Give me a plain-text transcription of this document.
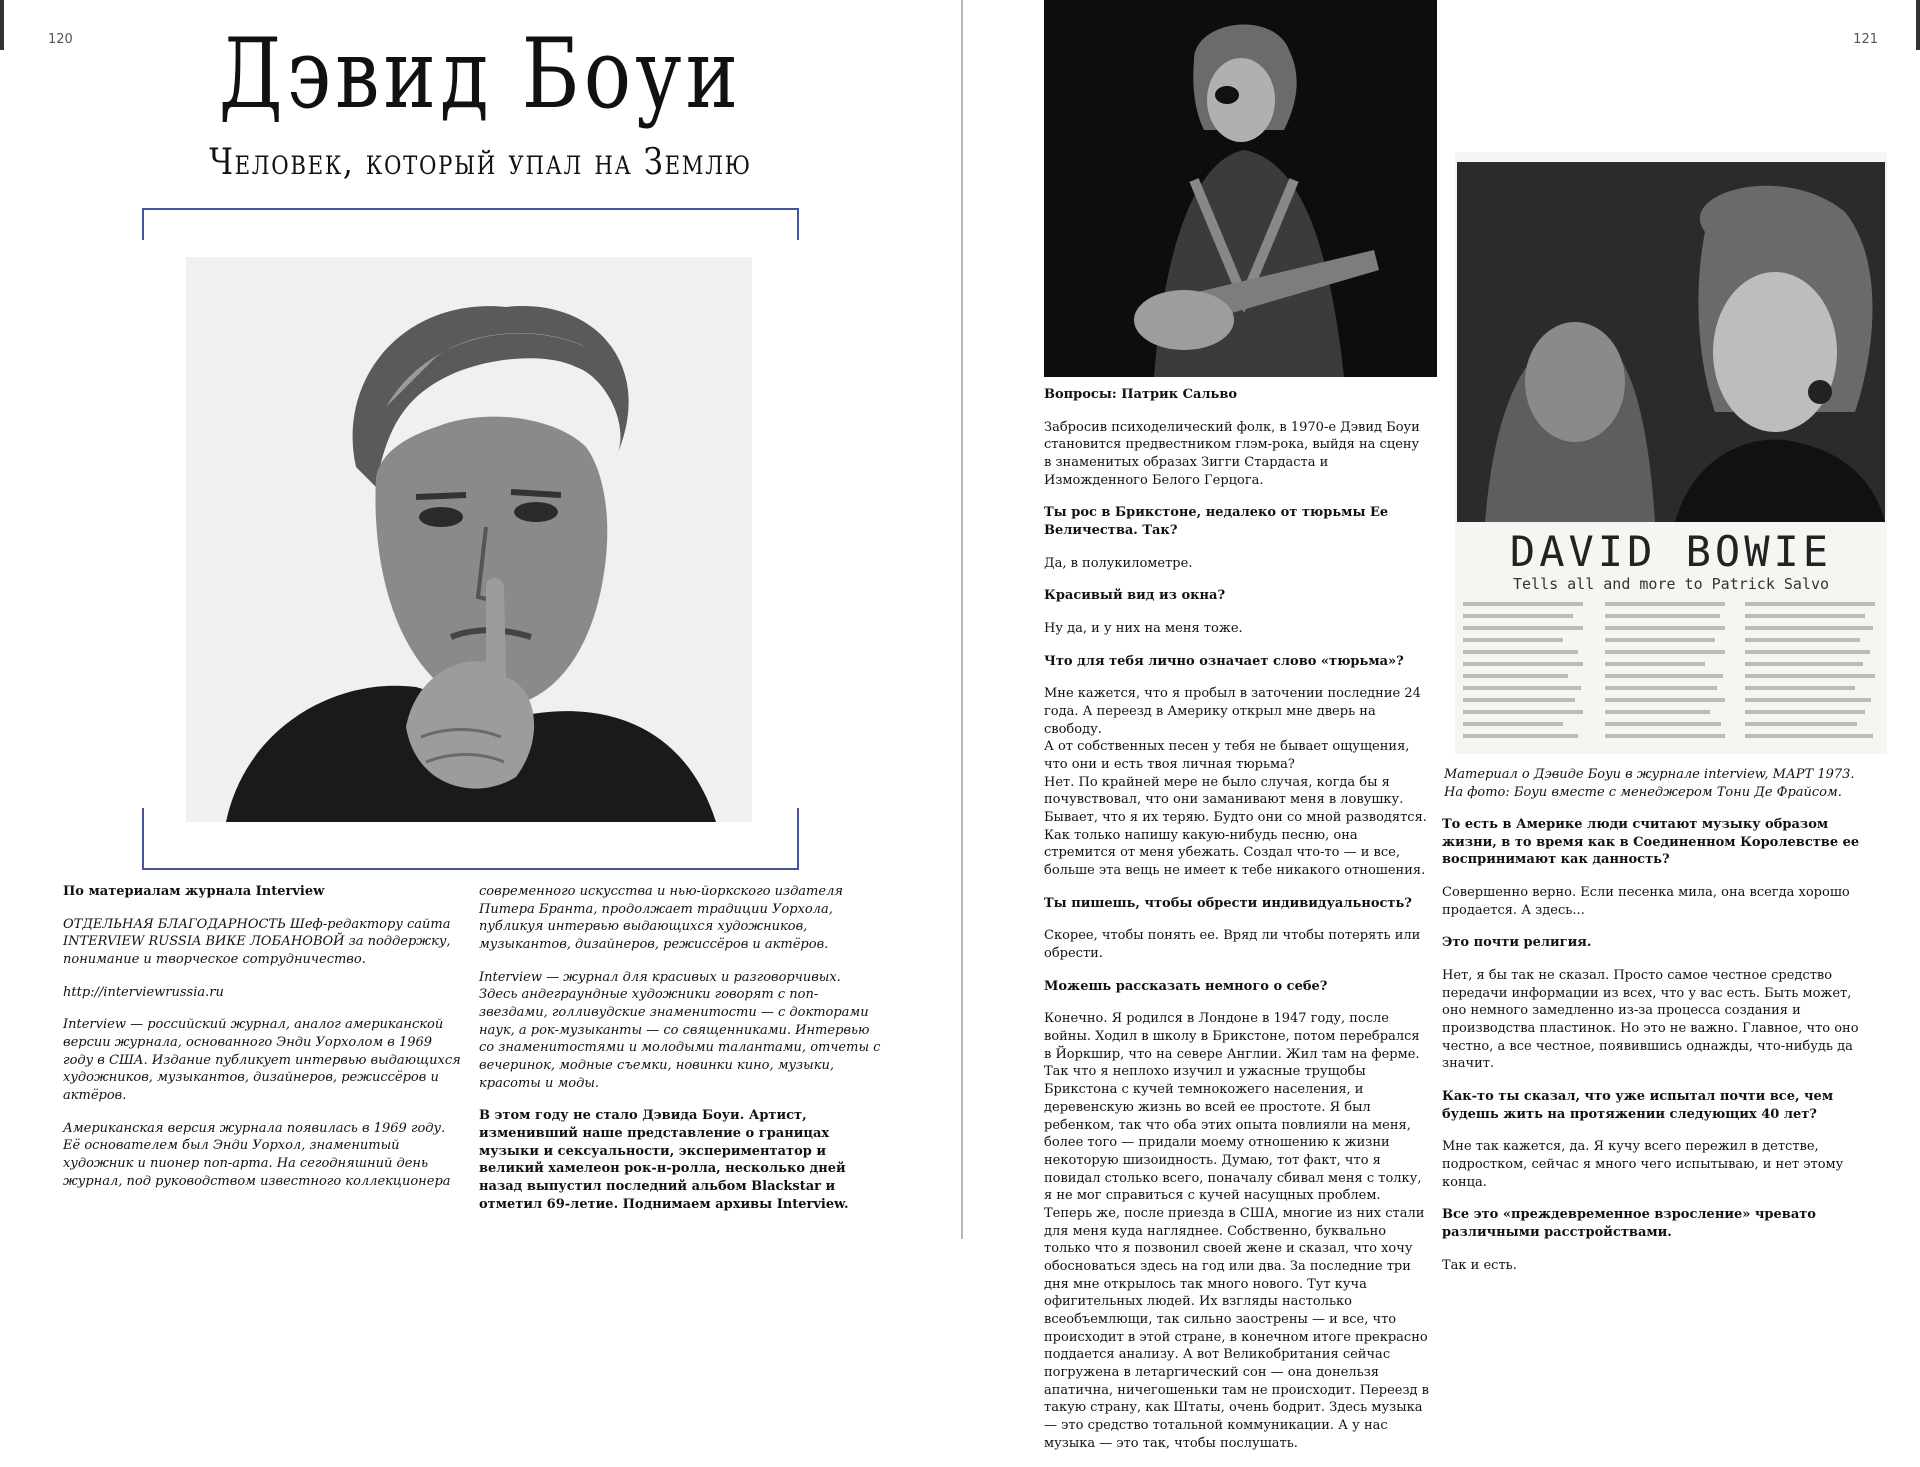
120	Дэвид Боуи
Человек, который упал на Землю

По материалам журнала Interview

ОТДЕЛЬНАЯ БЛАГОДАРНОСТЬ Шеф-редактору сайта INTERVIEW RUSSIA ВИКЕ ЛОБАНОВОЙ за поддержку, понимание и творческое сотрудничество.

http://interviewrussia.ru

Interview — российский журнал, аналог американской версии журнала, основанного Энди Уорхолом в 1969 году в США. Издание публикует интервью выдающихся художников, музыкантов, дизайнеров, режиссёров и актёров.

Американская версия журнала появилась в 1969 году. Её основателем был Энди Уорхол, знаменитый художник и пионер поп-арта. На сегодняшний день журнал, под руководством известного коллекционера

современного искусства и нью-йоркского издателя Питера Бранта, продолжает традиции Уорхола, публикуя интервью выдающихся художников, музыкантов, дизайнеров, режиссёров и актёров.

Interview — журнал для красивых и разговорчивых. Здесь андеграундные художники говорят с поп-звездами, голливудские знаменитости — с докторами наук, а рок-музыканты — со священниками. Интервью со знаменитостями и молодыми талантами, отчеты с вечеринок, модные съемки, новинки кино, музыки, красоты и моды.

В этом году не стало Дэвида Боуи. Артист, изменивший наше представление о границах музыки и сексуальности, экспериментатор и великий хамелеон рок-н-ролла, несколько дней назад выпустил последний альбом Blackstar и отметил 69-летие. Поднимаем архивы Interview.

121
DAVID BOWIE
Tells all and more to Patrick Salvo
Материал о Дэвиде Боуи в журнале interview, МАРТ 1973.
На фото: Боуи вместе с менеджером Тони Де Фрайсом.

Вопросы: Патрик Сальво

Забросив психоделический фолк, в 1970-е Дэвид Боуи становится предвестником глэм-рока, выйдя на сцену в знаменитых образах Зигги Стардаста и Изможденного Белого Герцога.

Ты рос в Брикстоне, недалеко от тюрьмы Ее Величества. Так?

Да, в полукилометре.

Красивый вид из окна?

Ну да, и у них на меня тоже.

Что для тебя лично означает слово «тюрьма»?

Мне кажется, что я пробыл в заточении последние 24 года. А переезд в Америку открыл мне дверь на свободу.
А от собственных песен у тебя не бывает ощущения, что они и есть твоя личная тюрьма?
Нет. По крайней мере не было случая, когда бы я почувствовал, что они заманивают меня в ловушку. Бывает, что я их теряю. Будто они со мной разводятся. Как только напишу какую-нибудь песню, она стремится от меня убежать. Создал что-то — и все, больше эта вещь не имеет к тебе никакого отношения.

Ты пишешь, чтобы обрести индивидуальность?

Скорее, чтобы понять ее. Вряд ли чтобы потерять или обрести.

Можешь рассказать немного о себе?

Конечно. Я родился в Лондоне в 1947 году, после войны. Ходил в школу в Брикстоне, потом перебрался в Йоркшир, что на севере Англии. Жил там на ферме. Так что я неплохо изучил и ужасные трущобы Брикстона с кучей темнокожего населения, и деревенскую жизнь во всей ее простоте. Я был ребенком, так что оба этих опыта повлияли на меня, более того — придали моему отношению к жизни некоторую шизоидность. Думаю, тот факт, что я повидал столько всего, поначалу сбивал меня с толку, я не мог справиться с кучей насущных проблем. Теперь же, после приезда в США, многие из них стали для меня куда нагляднее. Собственно, буквально только что я позвонил своей жене и сказал, что хочу обосноваться здесь на год или два. За последние три дня мне открылось так много нового. Тут куча офигительных людей. Их взгляды настолько всеобъемлющи, так сильно заострены — и все, что происходит в этой стране, в конечном итоге прекрасно поддается анализу. А вот Великобритания сейчас погружена в летаргический сон — она донельзя апатична, ничегошеньки там не происходит. Переезд в такую страну, как Штаты, очень бодрит. Здесь музыка — это средство тотальной коммуникации. А у нас музыка — это так, чтобы послушать.

То есть в Америке люди считают музыку образом жизни, в то время как в Соединенном Королевстве ее воспринимают как данность?

Совершенно верно. Если песенка мила, она всегда хорошо продается. А здесь...

Это почти религия.

Нет, я бы так не сказал. Просто самое честное средство передачи информации из всех, что у вас есть. Быть может, оно немного замедленно из-за процесса создания и производства пластинок. Но это не важно. Главное, что оно честно, а все честное, появившись однажды, что-нибудь да значит.

Как-то ты сказал, что уже испытал почти все, чем будешь жить на протяжении следующих 40 лет?

Мне так кажется, да. Я кучу всего пережил в детстве, подростком, сейчас я много чего испытываю, и нет этому конца.

Все это «преждевременное взросление» чревато различными расстройствами.

Так и есть.
